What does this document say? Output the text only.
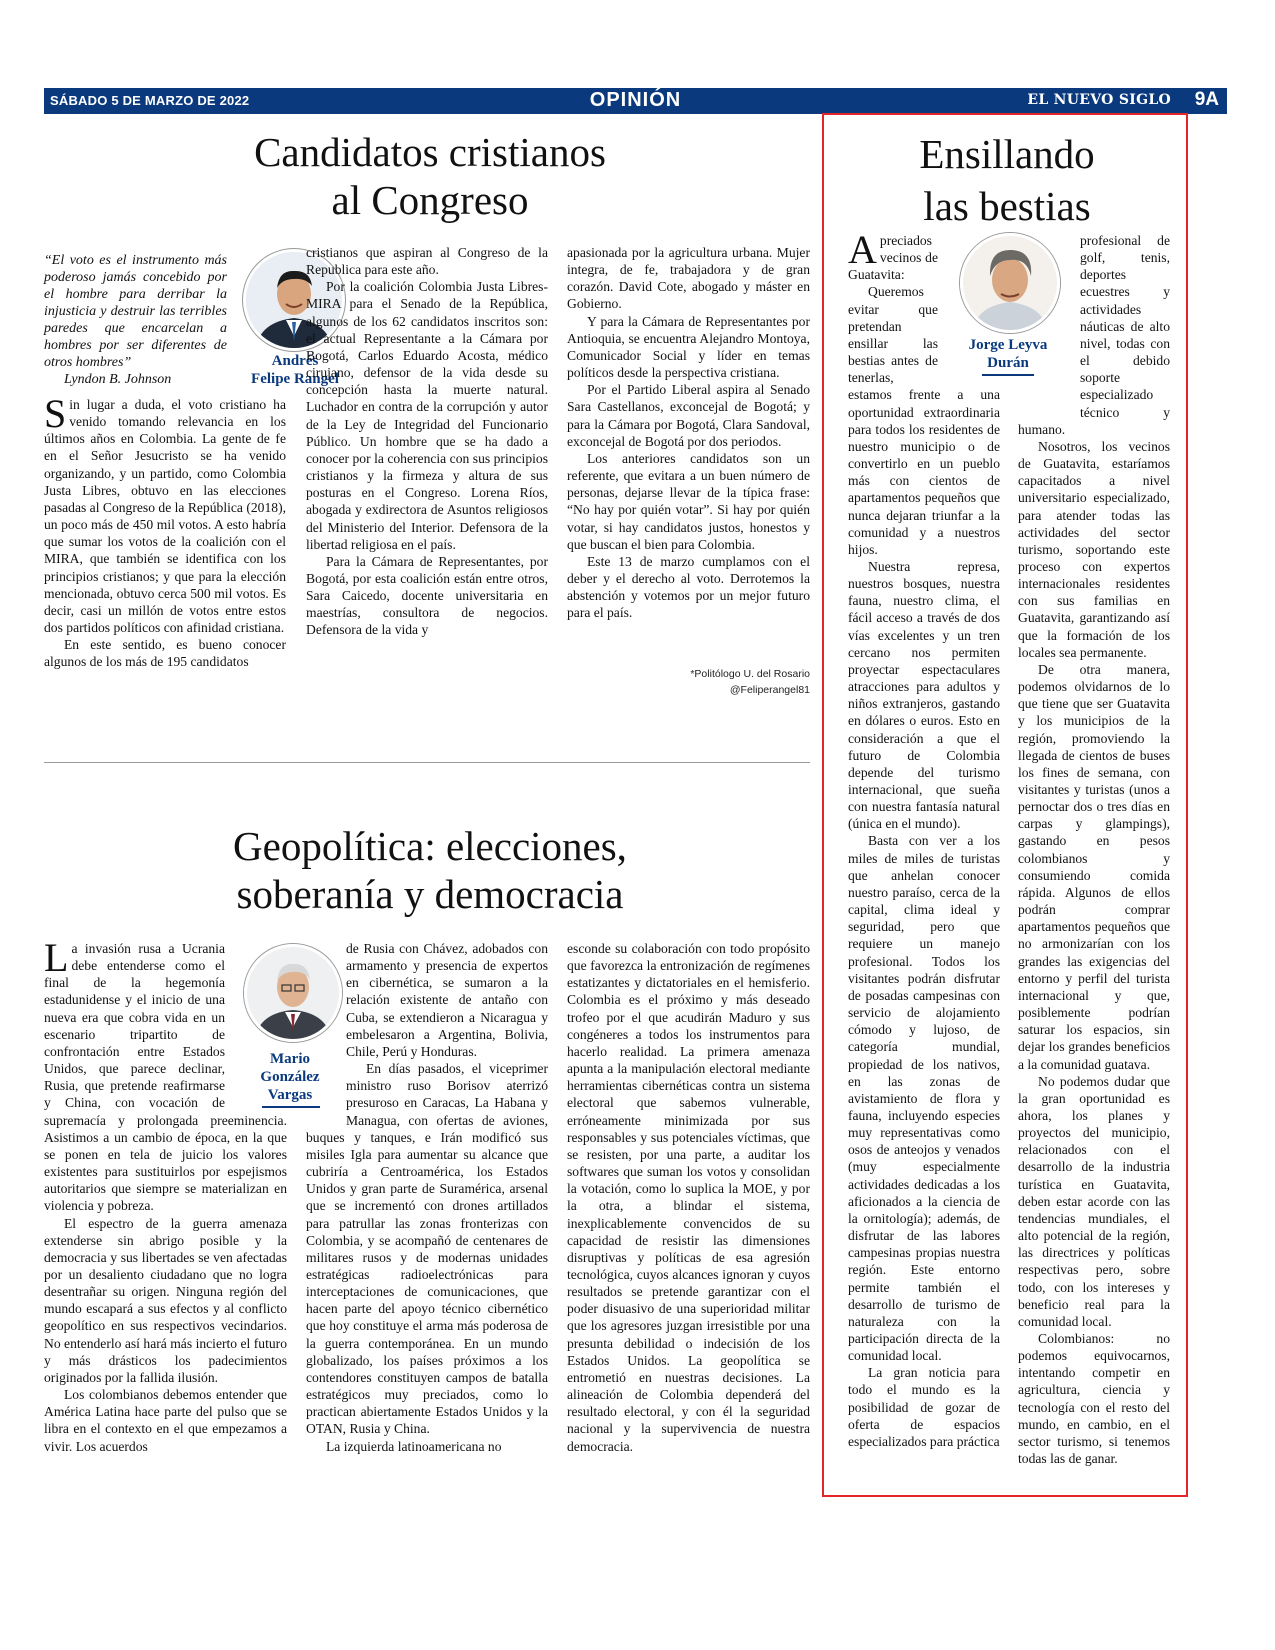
SÁBADO 5 DE MARZO DE 2022	OPINIÓN	EL NUEVO SIGLO 9A
Candidatos cristianos
al Congreso
“El voto es el instrumento más poderoso jamás concebido por el hombre para derribar la injusticia y destruir las terribles paredes que encarcelan a hombres por ser diferentes de otros hombres”
Lyndon B. Johnson
Andrés
Felipe Rangel

Sin lugar a duda, el voto cristiano ha venido tomando relevancia en los últimos años en Colombia. La gente de fe en el Señor Jesucristo se ha venido organizando, y un partido, como Colombia Justa Libres, obtuvo en las elecciones pasadas al Congreso de la República (2018), un poco más de 450 mil votos. A esto habría que sumar los votos de la coalición con el MIRA, que también se identifica con los principios cristianos; y que para la elección mencionada, obtuvo cerca 500 mil votos. Es decir, casi un millón de votos entre estos dos partidos políticos con afinidad cristiana.

En este sentido, es bueno conocer algunos de los más de 195 candidatos

cristianos que aspiran al Congreso de la Republica para este año.

Por la coalición Colombia Justa Libres-MIRA para el Senado de la República, algunos de los 62 candidatos inscritos son: el actual Representante a la Cámara por Bogotá, Carlos Eduardo Acosta, médico cirujano, defensor de la vida desde su concepción hasta la muerte natural. Luchador en contra de la corrupción y autor de la Ley de Integridad del Funcionario Público. Un hombre que se ha dado a conocer por la coherencia con sus principios cristianos y la firmeza y altura de sus posturas en el Congreso. Lorena Ríos, abogada y exdirectora de Asuntos religiosos del Ministerio del Interior. Defensora de la libertad religiosa en el país.

Para la Cámara de Representantes, por Bogotá, por esta coalición están entre otros, Sara Caicedo, docente universitaria en maestrías, consultora de negocios. Defensora de la vida y

apasionada por la agricultura urbana. Mujer integra, de fe, trabajadora y de gran corazón. David Cote, abogado y máster en Gobierno.

Y para la Cámara de Representantes por Antioquia, se encuentra Alejandro Montoya, Comunicador Social y líder en temas políticos desde la perspectiva cristiana.

Por el Partido Liberal aspira al Senado Sara Castellanos, exconcejal de Bogotá; y para la Cámara por Bogotá, Clara Sandoval, exconcejal de Bogotá por dos periodos.

Los anteriores candidatos son un referente, que evitara a un buen número de personas, dejarse llevar de la típica frase: “No hay por quién votar”. Si hay por quién votar, si hay candidatos justos, honestos y que buscan el bien para Colombia.

Este 13 de marzo cumplamos con el deber y el derecho al voto. Derrotemos la abstención y votemos por un mejor futuro para el país.

*Politólogo U. del Rosario
@Feliperangel81
Geopolítica: elecciones,
soberanía y democracia
Mario
González
Vargas

La invasión rusa a Ucrania debe entenderse como el final de la hegemonía estadunidense y el inicio de una nueva era que cobra vida en un escenario tripartito de confrontación entre Estados Unidos, que parece declinar, Rusia, que pretende reafirmarse y China, con vocación de supremacía y prolongada preeminencia. Asistimos a un cambio de época, en la que se ponen en tela de juicio los valores existentes para sustituirlos por espejismos autoritarios que siempre se materializan en violencia y pobreza.

El espectro de la guerra amenaza extenderse sin abrigo posible y la democracia y sus libertades se ven afectadas por un desaliento ciudadano que no logra desentrañar su origen. Ninguna región del mundo escapará a sus efectos y al conflicto geopolítico en sus respectivos vecindarios. No entenderlo así hará más incierto el futuro y más drásticos los padecimientos originados por la fallida ilusión.

Los colombianos debemos entender que América Latina hace parte del pulso que se libra en el contexto en el que empezamos a vivir. Los acuerdos

de Rusia con Chávez, adobados con armamento y presencia de expertos en cibernética, se sumaron a la relación existente de antaño con Cuba, se extendieron a Nicaragua y embelesaron a Argentina, Bolivia, Chile, Perú y Honduras.

En días pasados, el viceprimer ministro ruso Borisov aterrizó presuroso en Caracas, La Habana y Managua, con ofertas de aviones, buques y tanques, e Irán modificó sus misiles Igla para aumentar su alcance que cubriría a Centroamérica, los Estados Unidos y gran parte de Suramérica, arsenal que se incrementó con drones artillados para patrullar las zonas fronterizas con Colombia, y se acompañó de centenares de militares rusos y de modernas unidades estratégicas radioelectrónicas para interceptaciones de comunicaciones, que hacen parte del apoyo técnico cibernético que hoy constituye el arma más poderosa de la guerra contemporánea. En un mundo globalizado, los países próximos a los contendores constituyen campos de batalla estratégicos muy preciados, como lo practican abiertamente Estados Unidos y la OTAN, Rusia y China.

La izquierda latinoamericana no

esconde su colaboración con todo propósito que favorezca la entronización de regímenes estatizantes y dictatoriales en el hemisferio. Colombia es el próximo y más deseado trofeo por el que acudirán Maduro y sus congéneres a todos los instrumentos para hacerlo realidad. La primera amenaza apunta a la manipulación electoral mediante herramientas cibernéticas contra un sistema electoral que sabemos vulnerable, erróneamente minimizada por sus responsables y sus potenciales víctimas, que se resisten, por una parte, a auditar los softwares que suman los votos y consolidan la votación, como lo suplica la MOE, y por la otra, a blindar el sistema, inexplicablemente convencidos de su capacidad de resistir las dimensiones disruptivas y políticas de esa agresión tecnológica, cuyos alcances ignoran y cuyos resultados se pretende garantizar con el poder disuasivo de una superioridad militar que los agresores juzgan irresistible por una presunta debilidad o indecisión de los Estados Unidos. La geopolítica se entrometió en nuestras decisiones. La alineación de Colombia dependerá del resultado electoral, y con él la seguridad nacional y la supervivencia de nuestra democracia.

Ensillando
las bestias
Jorge Leyva
Durán

Apreciados vecinos de Guatavita:

Queremos evitar que pretendan ensillar las bestias antes de tenerlas, estamos frente a una oportunidad extraordinaria para todos los residentes de nuestro municipio o de convertirlo en un pueblo más con cientos de apartamentos pequeños que nunca dejaran triunfar a la comunidad y a nuestros hijos.

Nuestra represa, nuestros bosques, nuestra fauna, nuestro clima, el fácil acceso a través de dos vías excelentes y un tren cercano nos permiten proyectar espectaculares atracciones para adultos y niños extranjeros, gastando en dólares o euros. Esto en consideración a que el futuro de Colombia depende del turismo internacional, que sueña con nuestra fantasía natural (única en el mundo).

Basta con ver a los miles de miles de turistas que anhelan conocer nuestro paraíso, cerca de la capital, clima ideal y seguridad, pero que requiere un manejo profesional. Todos los visitantes podrán disfrutar de posadas campesinas con servicio de alojamiento cómodo y lujoso, de categoría mundial, propiedad de los nativos, en las zonas de avistamiento de flora y fauna, incluyendo especies muy representativas como osos de anteojos y venados (muy especialmente actividades dedicadas a los aficionados a la ciencia de la ornitología); además, de disfrutar de las labores campesinas propias nuestra región. Este entorno permite también el desarrollo de turismo de naturaleza con la participación directa de la comunidad local.

La gran noticia para todo el mundo es la posibilidad de gozar de oferta de espacios especializados para práctica

profesional de golf, tenis, deportes ecuestres y actividades náuticas de alto nivel, todas con el debido soporte especializado técnico y humano.

Nosotros, los vecinos de Guatavita, estaríamos capacitados a nivel universitario especializado, para atender todas las actividades del sector turismo, soportando este proceso con expertos internacionales residentes con sus familias en Guatavita, garantizando así que la formación de los locales sea permanente.

De otra manera, podemos olvidarnos de lo que tiene que ser Guatavita y los municipios de la región, promoviendo la llegada de cientos de buses los fines de semana, con visitantes y turistas (unos a pernoctar dos o tres días en carpas y glampings), gastando en pesos colombianos y consumiendo comida rápida. Algunos de ellos podrán comprar apartamentos pequeños que no armonizarían con los grandes las exigencias del entorno y perfil del turista internacional y que, posiblemente podrían saturar los espacios, sin dejar los grandes beneficios a la comunidad guatava.

No podemos dudar que la gran oportunidad es ahora, los planes y proyectos del municipio, relacionados con el desarrollo de la industria turística en Guatavita, deben estar acorde con las tendencias mundiales, el alto potencial de la región, las directrices y políticas respectivas pero, sobre todo, con los intereses y beneficio real para la comunidad local.

Colombianos: no podemos equivocarnos, intentando competir en agricultura, ciencia y tecnología con el resto del mundo, en cambio, en el sector turismo, si tenemos todas las de ganar.
